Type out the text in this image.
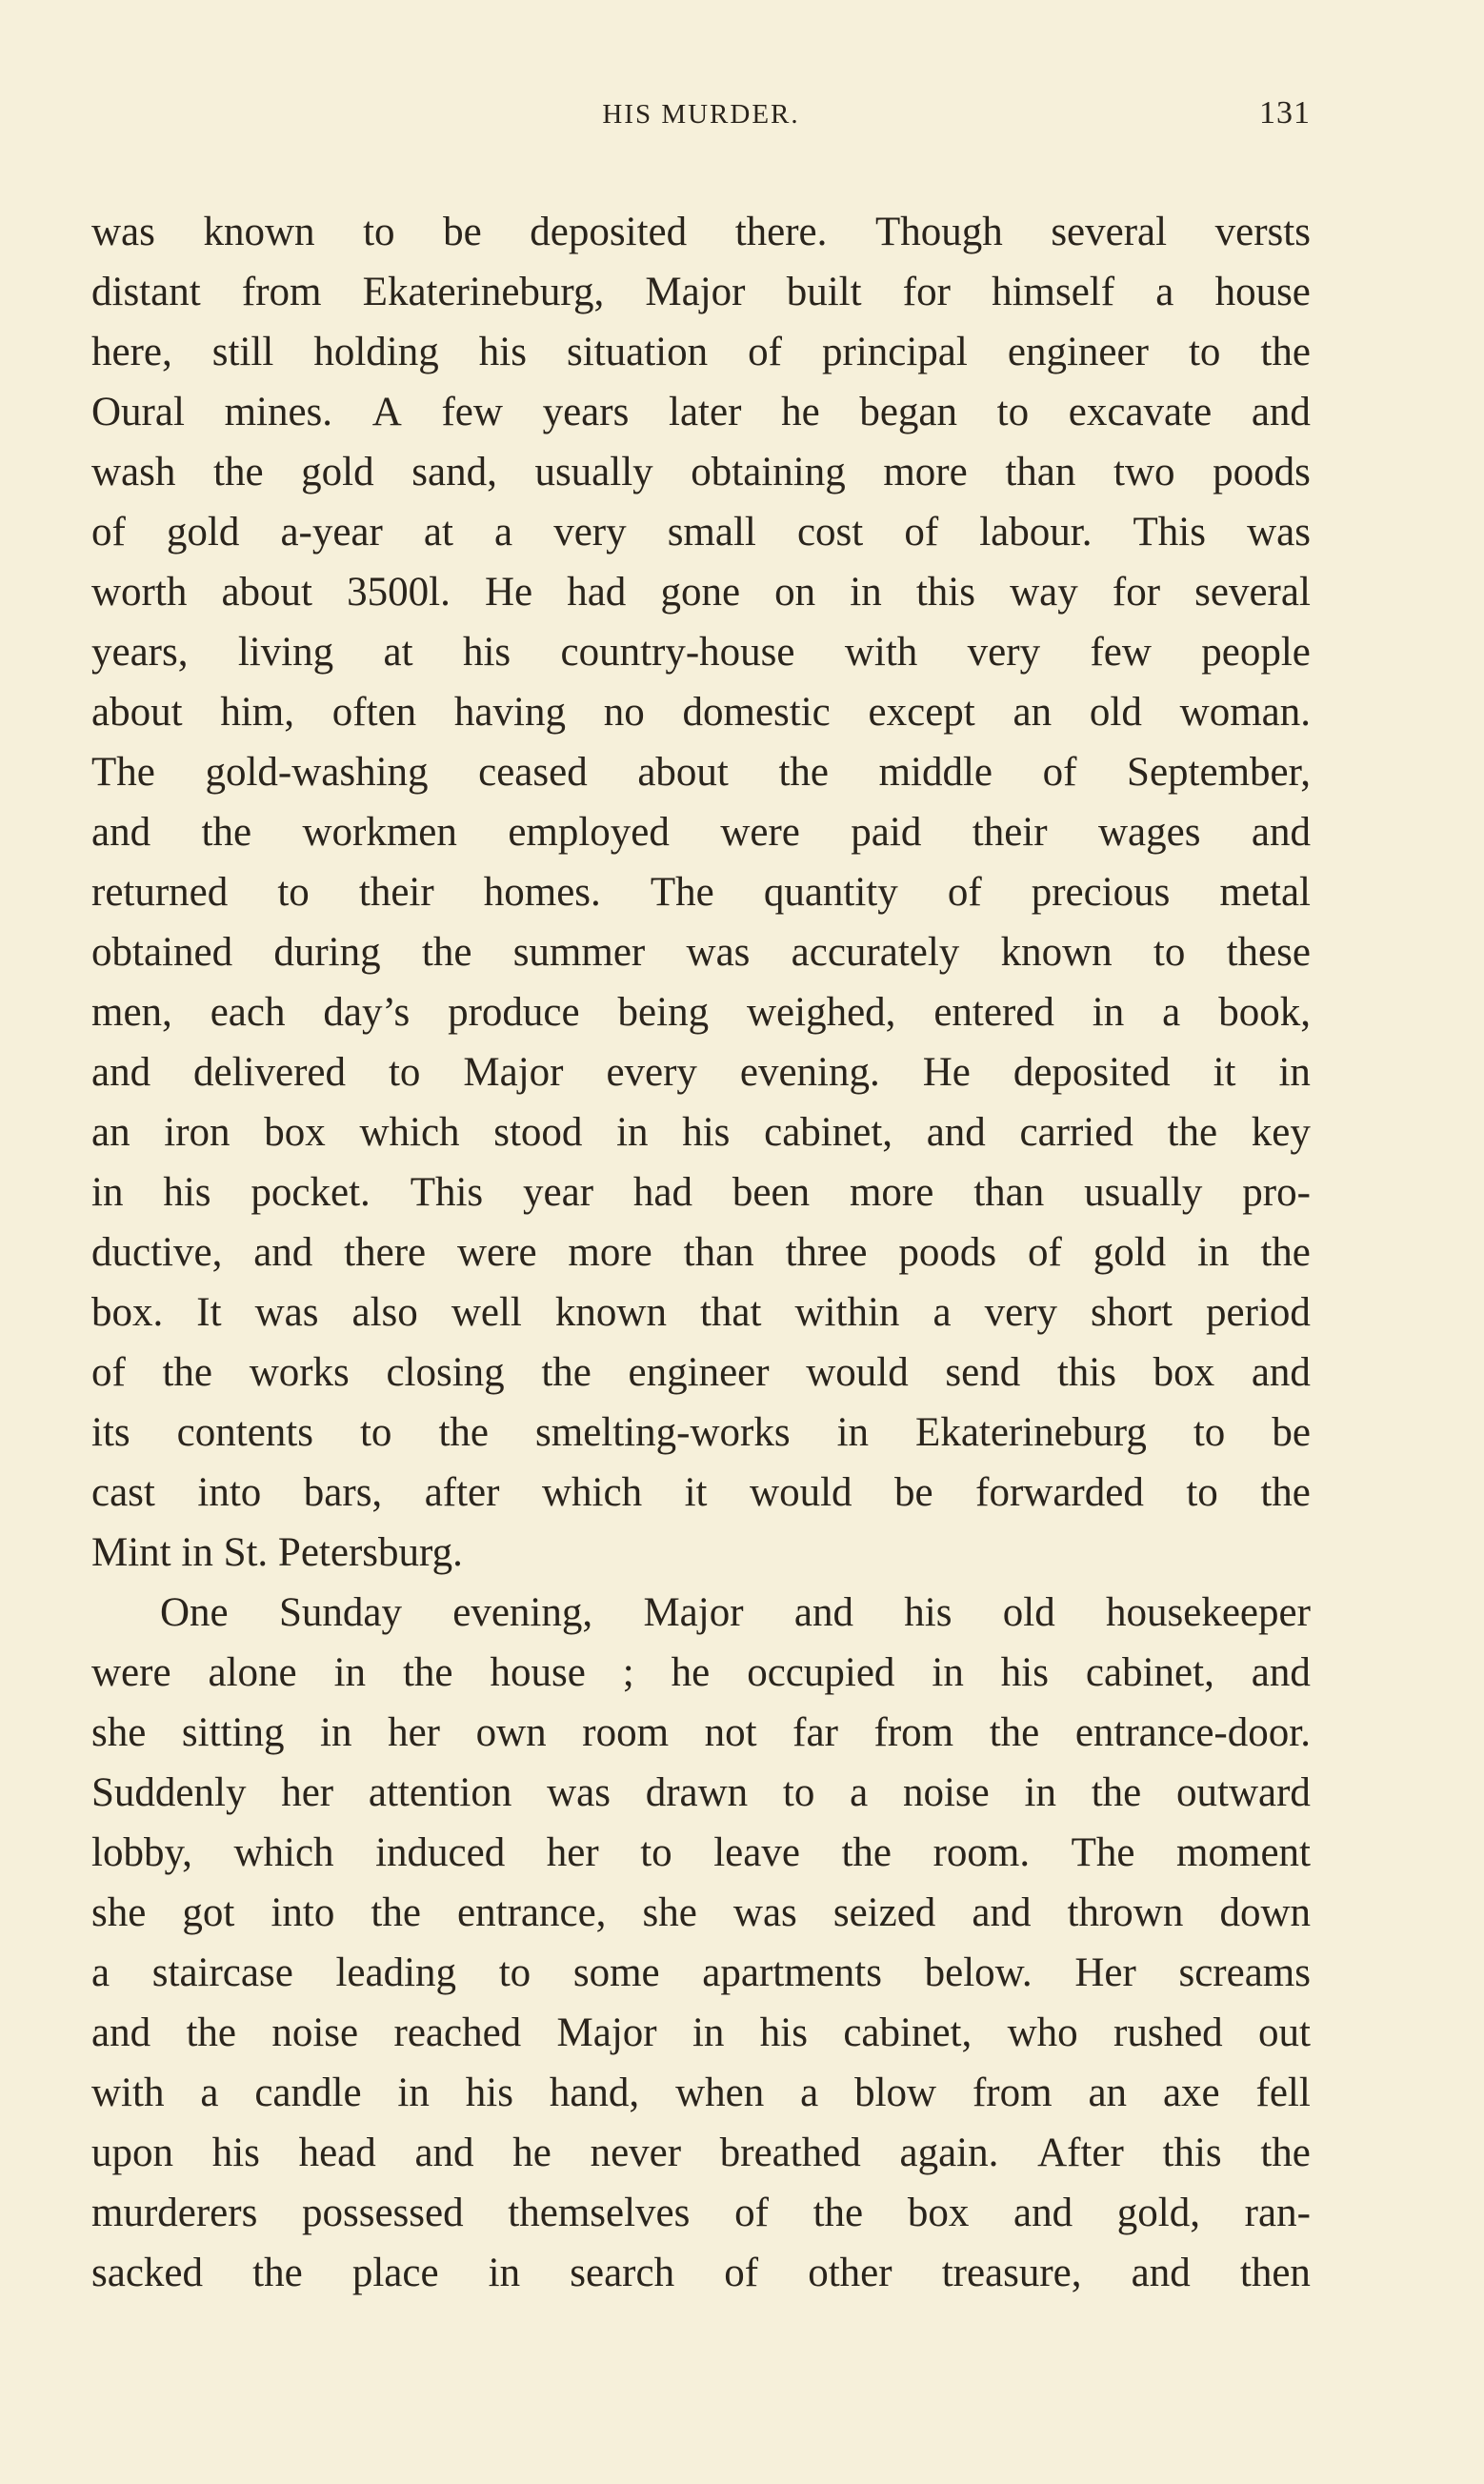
HIS MURDER.	131
was known to be deposited there. Though several versts
distant from Ekaterineburg, Major built for himself a house
here, still holding his situation of principal engineer to the
Oural mines. A few years later he began to excavate and
wash the gold sand, usually obtaining more than two poods
of gold a-year at a very small cost of labour. This was
worth about 3500l. He had gone on in this way for several
years, living at his country-house with very few people
about him, often having no domestic except an old woman.
The gold-washing ceased about the middle of September,
and the workmen employed were paid their wages and
returned to their homes. The quantity of precious metal
obtained during the summer was accurately known to these
men, each day’s produce being weighed, entered in a book,
and delivered to Major every evening. He deposited it in
an iron box which stood in his cabinet, and carried the key
in his pocket. This year had been more than usually pro-
ductive, and there were more than three poods of gold in the
box. It was also well known that within a very short period
of the works closing the engineer would send this box and
its contents to the smelting-works in Ekaterineburg to be
cast into bars, after which it would be forwarded to the
Mint in St. Petersburg.
One Sunday evening, Major and his old housekeeper
were alone in the house ; he occupied in his cabinet, and
she sitting in her own room not far from the entrance-door.
Suddenly her attention was drawn to a noise in the outward
lobby, which induced her to leave the room. The moment
she got into the entrance, she was seized and thrown down
a staircase leading to some apartments below. Her screams
and the noise reached Major in his cabinet, who rushed out
with a candle in his hand, when a blow from an axe fell
upon his head and he never breathed again. After this the
murderers possessed themselves of the box and gold, ran-
sacked the place in search of other treasure, and then
